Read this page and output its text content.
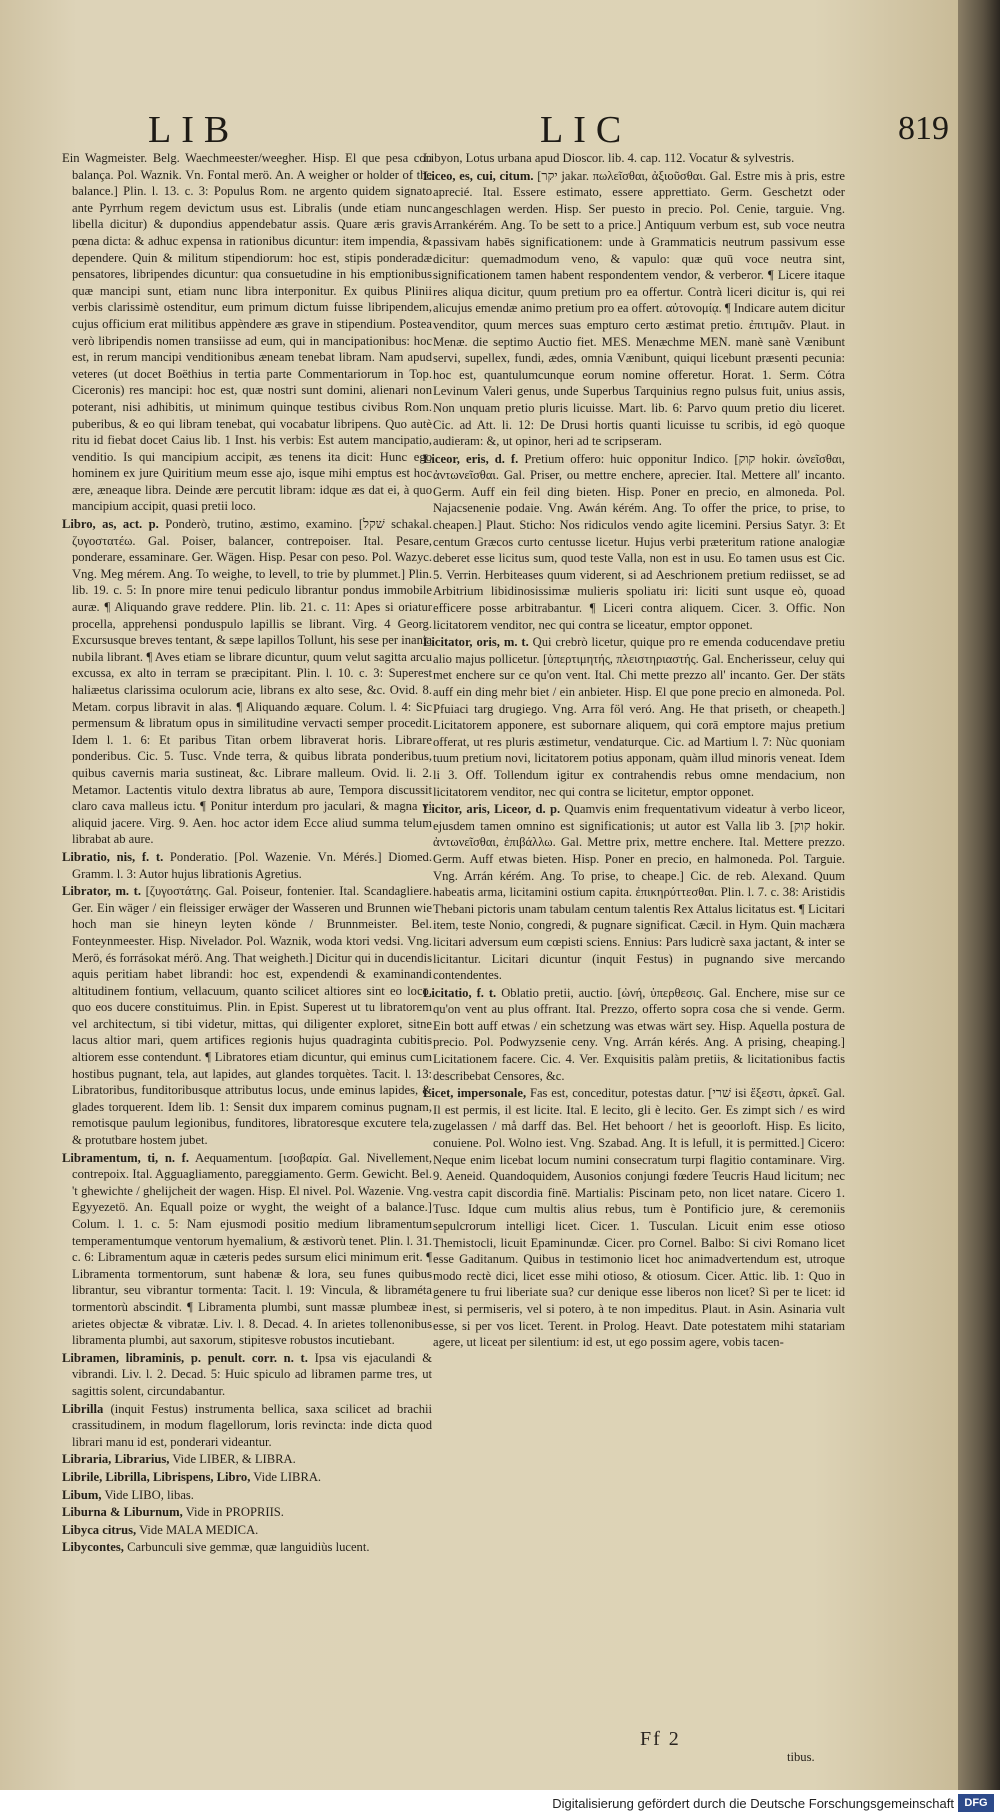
LIB	LIC	819

Ein Wagmeister. Belg. Waechmeester/weegher. Hisp. El que pesa con balança. Pol. Waznik. Vn. Fontal merö. An. A weigher or holder of the balance.] Plin. l. 13. c. 3: Populus Rom. ne argento quidem signato ante Pyrrhum regem devictum usus est. Libralis (unde etiam nunc libella dicitur) & dupondius appendebatur assis. Quare æris gravis pœna dicta: & adhuc expensa in rationibus dicuntur: item impendia, & dependere. Quin & militum stipendiorum: hoc est, stipis ponderadæ pensatores, libripendes dicuntur: qua consuetudine in his emptionibus quæ mancipi sunt, etiam nunc libra interponitur. Ex quibus Plinii verbis clarissimè ostenditur, eum primum dictum fuisse libripendem, cujus officium erat militibus appèndere æs grave in stipendium. Postea verò libripendis nomen transiisse ad eum, qui in mancipationibus: hoc est, in rerum mancipi venditionibus æneam tenebat libram. Nam apud veteres (ut docet Boëthius in tertia parte Commentariorum in Top. Ciceronis) res mancipi: hoc est, quæ nostri sunt domini, alienari non poterant, nisi adhibitis, ut minimum quinque testibus civibus Rom. puberibus, & eo qui libram tenebat, qui vocabatur libripens. Quo autè ritu id fiebat docet Caius lib. 1 Inst. his verbis: Est autem mancipatio, venditio. Is qui mancipium accipit, æs tenens ita dicit: Hunc ego hominem ex jure Quiritium meum esse ajo, isque mihi emptus est hoc ære, æneaque libra. Deinde ære percutit libram: idque æs dat ei, à quo mancipium accipit, quasi pretii loco.

Libro, as, act. p. Ponderò, trutino, æstimo, examino. [שׁקל schakal. ζυγοστατέω. Gal. Poiser, balancer, contrepoiser. Ital. Pesare, ponderare, essaminare. Ger. Wägen. Hisp. Pesar con peso. Pol. Wazyc. Vng. Meg mérem. Ang. To weighe, to levell, to trie by plummet.] Plin. lib. 19. c. 5: In pnore mire tenui pediculo librantur pondus immobile auræ. ¶ Aliquando grave reddere. Plin. lib. 21. c. 11: Apes si oriatur procella, apprehensi ponduspulo lapillis se librant. Virg. 4 Georg. Excursusque breves tentant, & sæpe lapillos Tollunt, his sese per inania nubila librant. ¶ Aves etiam se librare dicuntur, quum velut sagitta arcu excussa, ex alto in terram se præcipitant. Plin. l. 10. c. 3: Superest haliæetus clarissima oculorum acie, librans ex alto sese, &c. Ovid. 8. Metam. corpus libravit in alas. ¶ Aliquando æquare. Colum. l. 4: Sic permensum & libratum opus in similitudine vervacti semper procedit. Idem l. 1. 6: Et paribus Titan orbem libraverat horis. Librare ponderibus. Cic. 5. Tusc. Vnde terra, & quibus librata ponderibus, quibus cavernis maria sustineat, &c. Librare malleum. Ovid. li. 2. Metamor. Lactentis vitulo dextra libratus ab aure, Tempora discussit claro cava malleus ictu. ¶ Ponitur interdum pro jaculari, & magna vi aliquid jacere. Virg. 9. Aen. hoc actor idem Ecce aliud summa telum librabat ab aure.

Libratio, nis, f. t. Ponderatio. [Pol. Wazenie. Vn. Mérés.] Diomed. Gramm. l. 3: Autor hujus librationis Agretius.

Librator, m. t. [ζυγοστάτης. Gal. Poiseur, fontenier. Ital. Scandagliere. Ger. Ein wäger / ein fleissiger erwäger der Wasseren und Brunnen wie hoch man sie hineyn leyten könde / Brunnmeister. Bel. Fonteynmeester. Hisp. Nivelador. Pol. Waznik, woda ktori vedsi. Vng. Merö, és forrásokat mérö. Ang. That weigheth.] Dicitur qui in ducendis aquis peritiam habet librandi: hoc est, expendendi & examinandi altitudinem fontium, vellacuum, quanto scilicet altiores sint eo loco, quo eos ducere constituimus. Plin. in Epist. Superest ut tu libratorem vel architectum, si tibi videtur, mittas, qui diligenter exploret, sitne lacus altior mari, quem artifices regionis hujus quadraginta cubitis altiorem esse contendunt. ¶ Libratores etiam dicuntur, qui eminus cum hostibus pugnant, tela, aut lapides, aut glandes torquètes. Tacit. l. 13: Libratoribus, funditoribusque attributus locus, unde eminus lapides, & glades torquerent. Idem lib. 1: Sensit dux imparem cominus pugnam, remotisque paulum legionibus, funditores, libratoresque excutere tela, & protutbare hostem jubet.

Libramentum, ti, n. f. Aequamentum. [ισοβαρία. Gal. Nivellement, contrepoix. Ital. Agguagliamento, pareggiamento. Germ. Gewicht. Bel. 't ghewichte / ghelijcheit der wagen. Hisp. El nivel. Pol. Wazenie. Vng. Egyyezetö. An. Equall poize or wyght, the weight of a balance.] Colum. l. 1. c. 5: Nam ejusmodi positio medium libramentum temperamentumque ventorum hyemalium, & æstivorù tenet. Plin. l. 31. c. 6: Libramentum aquæ in cæteris pedes sursum elici minimum erit. ¶ Libramenta tormentorum, sunt habenæ & lora, seu funes quibus librantur, seu vibrantur tormenta: Tacit. l. 19: Vincula, & libraméta tormentorù abscindit. ¶ Libramenta plumbi, sunt massæ plumbeæ in arietes objectæ & vibratæ. Liv. l. 8. Decad. 4. In arietes tollenonibus libramenta plumbi, aut saxorum, stipitesve robustos incutiebant.

Libramen, libraminis, p. penult. corr. n. t. Ipsa vis ejaculandi & vibrandi. Liv. l. 2. Decad. 5: Huic spiculo ad libramen parme tres, ut sagittis solent, circundabantur.

Librilla (inquit Festus) instrumenta bellica, saxa scilicet ad brachii crassitudinem, in modum flagellorum, loris revincta: inde dicta quod librari manu id est, ponderari videantur.

Libraria, Librarius, Vide LIBER, & LIBRA.

Librile, Librilla, Librispens, Libro, Vide LIBRA.

Libum, Vide LIBO, libas.

Liburna & Liburnum, Vide in PROPRIIS.

Libyca citrus, Vide MALA MEDICA.

Libycontes, Carbunculi sive gemmæ, quæ languidiùs lucent.

Libyon, Lotus urbana apud Dioscor. lib. 4. cap. 112. Vocatur & sylvestris.

Liceo, es, cui, citum. [יקר jakar. πωλεῖσθαι, ἀξιοῦσθαι. Gal. Estre mis à pris, estre aprecié. Ital. Essere estimato, essere apprettiato. Germ. Geschetzt oder angeschlagen werden. Hisp. Ser puesto in precio. Pol. Cenie, targuie. Vng. Arrankérém. Ang. To be sett to a price.] Antiquum verbum est, sub voce neutra passivam habēs significationem: unde à Grammaticis neutrum passivum esse dicitur: quemadmodum veno, & vapulo: quæ quū voce neutra sint, significationem tamen habent respondentem vendor, & verberor. ¶ Licere itaque res aliqua dicitur, quum pretium pro ea offertur. Contrà liceri dicitur is, qui rei alicujus emendæ animo pretium pro ea offert. αὐτονομίᾳ. ¶ Indicare autem dicitur venditor, quum merces suas empturo certo æstimat pretio. ἐπιτιμᾶν. Plaut. in Menæ. die septimo Auctio fiet. MES. Menæchme MEN. manè sanè Vænibunt servi, supellex, fundi, ædes, omnia Vænibunt, quiqui licebunt præsenti pecunia: hoc est, quantulumcunque eorum nomine offeretur. Horat. 1. Serm. Cótra Levinum Valeri genus, unde Superbus Tarquinius regno pulsus fuit, unius assis, Non unquam pretio pluris licuisse. Mart. lib. 6: Parvo quum pretio diu liceret. Cic. ad Att. li. 12: De Drusi hortis quanti licuisse tu scribis, id egò quoque audieram: &, ut opinor, heri ad te scripseram.

Liceor, eris, d. f. Pretium offero: huic opponitur Indico. [קוק hokir. ὠνεῖσθαι, ἀντωνεῖσθαι. Gal. Priser, ou mettre enchere, aprecier. Ital. Mettere all' incanto. Germ. Auff ein feil ding bieten. Hisp. Poner en precio, en almoneda. Pol. Najacsenenie podaie. Vng. Awán kérém. Ang. To offer the price, to prise, to cheapen.] Plaut. Sticho: Nos ridiculos vendo agite licemini. Persius Satyr. 3: Et centum Græcos curto centusse licetur. Hujus verbi præteritum ratione analogiæ deberet esse licitus sum, quod teste Valla, non est in usu. Eo tamen usus est Cic. 5. Verrin. Herbiteases quum viderent, si ad Aeschrionem pretium rediisset, se ad Arbitrium libidinosissimæ mulieris spoliatu iri: liciti sunt usque eò, quoad efficere posse arbitrabantur. ¶ Liceri contra aliquem. Cicer. 3. Offic. Non licitatorem venditor, nec qui contra se liceatur, emptor opponet.

Licitator, oris, m. t. Qui crebrò licetur, quique pro re emenda coducendave pretiu alio majus pollicetur. [ὑπερτιμητής, πλειστηριαστής. Gal. Encherisseur, celuy qui met enchere sur ce qu'on vent. Ital. Chi mette prezzo all' incanto. Ger. Der stäts auff ein ding mehr biet / ein anbieter. Hisp. El que pone precio en almoneda. Pol. Pfuiaci targ drugiego. Vng. Arra föl veró. Ang. He that priseth, or cheapeth.] Licitatorem apponere, est subornare aliquem, qui corā emptore majus pretium offerat, ut res pluris æstimetur, vendaturque. Cic. ad Martium l. 7: Nùc quoniam tuum pretium novi, licitatorem potius apponam, quàm illud minoris veneat. Idem li 3. Off. Tollendum igitur ex contrahendis rebus omne mendacium, non licitatorem venditor, nec qui contra se licitetur, emptor opponet.

Licitor, aris, Liceor, d. p. Quamvis enim frequentativum videatur à verbo liceor, ejusdem tamen omnino est significationis; ut autor est Valla lib 3. [קוק hokir. ἀντωνεῖσθαι, ἐπιβάλλω. Gal. Mettre prix, mettre enchere. Ital. Mettere prezzo. Germ. Auff etwas bieten. Hisp. Poner en precio, en halmoneda. Pol. Targuie. Vng. Arrán kérém. Ang. To prise, to cheape.] Cic. de reb. Alexand. Quum habeatis arma, licitamini ostium capita. ἐπικηρύττεσθαι. Plin. l. 7. c. 38: Aristidis Thebani pictoris unam tabulam centum talentis Rex Attalus licitatus est. ¶ Licitari item, teste Nonio, congredi, & pugnare significat. Cæcil. in Hym. Quin machæra licitari adversum eum cœpisti sciens. Ennius: Pars ludicrè saxa jactant, & inter se licitantur. Licitari dicuntur (inquit Festus) in pugnando sive mercando contendentes.

Licitatio, f. t. Oblatio pretii, auctio. [ὠνή, ὑπερθεσις. Gal. Enchere, mise sur ce qu'on vent au plus offrant. Ital. Prezzo, offerto sopra cosa che si vende. Germ. Ein bott auff etwas / ein schetzung was etwas wärt sey. Hisp. Aquella postura de precio. Pol. Podwyzsenie ceny. Vng. Arrán kérés. Ang. A prising, cheaping.] Licitationem facere. Cic. 4. Ver. Exquisitis palàm pretiis, & licitationibus factis describebat Censores, &c.

Licet, impersonale, Fas est, conceditur, potestas datur. [שׁרי isi ἔξεστι, ἀρκεῖ. Gal. Il est permis, il est licite. Ital. E lecito, gli è lecito. Ger. Es zimpt sich / es wird zugelassen / må darff das. Bel. Het behoort / het is geoorloft. Hisp. Es licito, conuiene. Pol. Wolno iest. Vng. Szabad. Ang. It is lefull, it is permitted.] Cicero: Neque enim licebat locum numini consecratum turpi flagitio contaminare. Virg. 9. Aeneid. Quandoquidem, Ausonios conjungi fœdere Teucris Haud licitum; nec vestra capit discordia finē. Martialis: Piscinam peto, non licet natare. Cicero 1. Tusc. Idque cum multis alius rebus, tum è Pontificio jure, & ceremoniis sepulcrorum intelligi licet. Cicer. 1. Tusculan. Licuit enim esse otioso Themistocli, licuit Epaminundæ. Cicer. pro Cornel. Balbo: Si civi Romano licet esse Gaditanum. Quibus in testimonio licet hoc animadvertendum est, utroque modo rectè dici, licet esse mihi otioso, & otiosum. Cicer. Attic. lib. 1: Quo in genere tu frui liberiate sua? cur denique esse liberos non licet? Sì per te licet: id est, si permiseris, vel si potero, à te non impeditus. Plaut. in Asin. Asinaria vult esse, si per vos licet. Terent. in Prolog. Heavt. Date potestatem mihi statariam agere, ut liceat per silentium: id est, ut ego possim agere, vobis tacen-

Ff 2
tibus.
Digitalisierung gefördert durch die Deutsche Forschungsgemeinschaft DFG
